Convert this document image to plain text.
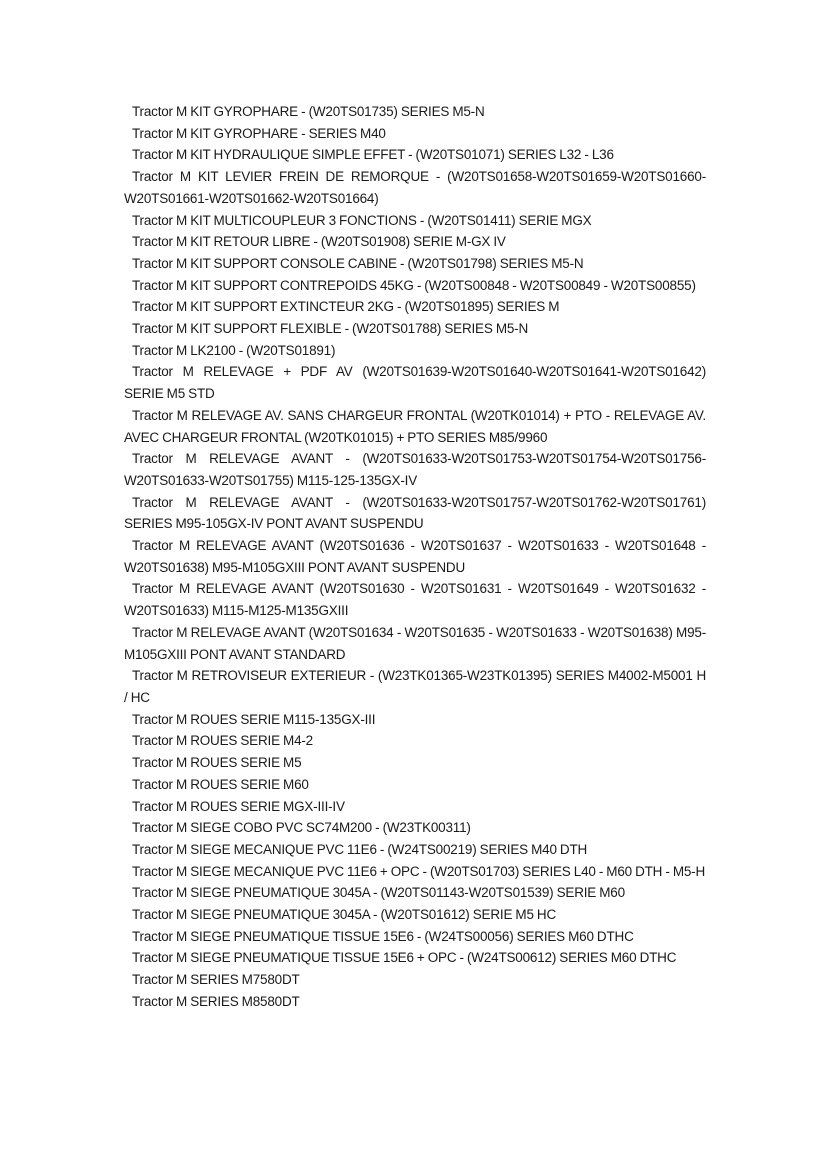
Tractor M KIT GYROPHARE - (W20TS01735) SERIES M5-N

Tractor M KIT GYROPHARE - SERIES M40

Tractor M KIT HYDRAULIQUE SIMPLE EFFET - (W20TS01071) SERIES L32 - L36

Tractor M KIT LEVIER FREIN DE REMORQUE - (W20TS01658-W20TS01659-W20TS01660-W20TS01661-W20TS01662-W20TS01664)

Tractor M KIT MULTICOUPLEUR 3 FONCTIONS - (W20TS01411) SERIE MGX

Tractor M KIT RETOUR LIBRE - (W20TS01908) SERIE M-GX IV

Tractor M KIT SUPPORT CONSOLE CABINE - (W20TS01798) SERIES M5-N

Tractor M KIT SUPPORT CONTREPOIDS 45KG - (W20TS00848 - W20TS00849 - W20TS00855)

Tractor M KIT SUPPORT EXTINCTEUR 2KG - (W20TS01895) SERIES M

Tractor M KIT SUPPORT FLEXIBLE - (W20TS01788) SERIES M5-N

Tractor M LK2100 - (W20TS01891)

Tractor M RELEVAGE + PDF AV (W20TS01639-W20TS01640-W20TS01641-W20TS01642) SERIE M5 STD

Tractor M RELEVAGE AV. SANS CHARGEUR FRONTAL (W20TK01014) + PTO - RELEVAGE AV. AVEC CHARGEUR FRONTAL (W20TK01015) + PTO SERIES M85/9960

Tractor M RELEVAGE AVANT - (W20TS01633-W20TS01753-W20TS01754-W20TS01756-W20TS01633-W20TS01755) M115-125-135GX-IV

Tractor M RELEVAGE AVANT - (W20TS01633-W20TS01757-W20TS01762-W20TS01761) SERIES M95-105GX-IV PONT AVANT SUSPENDU

Tractor M RELEVAGE AVANT (W20TS01636 - W20TS01637 - W20TS01633 - W20TS01648 - W20TS01638) M95-M105GXIII PONT AVANT SUSPENDU

Tractor M RELEVAGE AVANT (W20TS01630 - W20TS01631 - W20TS01649 - W20TS01632 - W20TS01633) M115-M125-M135GXIII

Tractor M RELEVAGE AVANT (W20TS01634 - W20TS01635 - W20TS01633 - W20TS01638) M95-M105GXIII PONT AVANT STANDARD

Tractor M RETROVISEUR EXTERIEUR - (W23TK01365-W23TK01395) SERIES M4002-M5001 H / HC

Tractor M ROUES SERIE M115-135GX-III

Tractor M ROUES SERIE M4-2

Tractor M ROUES SERIE M5

Tractor M ROUES SERIE M60

Tractor M ROUES SERIE MGX-III-IV

Tractor M SIEGE COBO PVC SC74M200 - (W23TK00311)

Tractor M SIEGE MECANIQUE PVC 11E6 - (W24TS00219) SERIES M40 DTH

Tractor M SIEGE MECANIQUE PVC 11E6 + OPC - (W20TS01703) SERIES L40 - M60 DTH - M5-H

Tractor M SIEGE PNEUMATIQUE 3045A - (W20TS01143-W20TS01539) SERIE M60

Tractor M SIEGE PNEUMATIQUE 3045A - (W20TS01612) SERIE M5 HC

Tractor M SIEGE PNEUMATIQUE TISSUE 15E6 - (W24TS00056) SERIES M60 DTHC

Tractor M SIEGE PNEUMATIQUE TISSUE 15E6 + OPC - (W24TS00612) SERIES M60 DTHC

Tractor M SERIES M7580DT

Tractor M SERIES M8580DT
